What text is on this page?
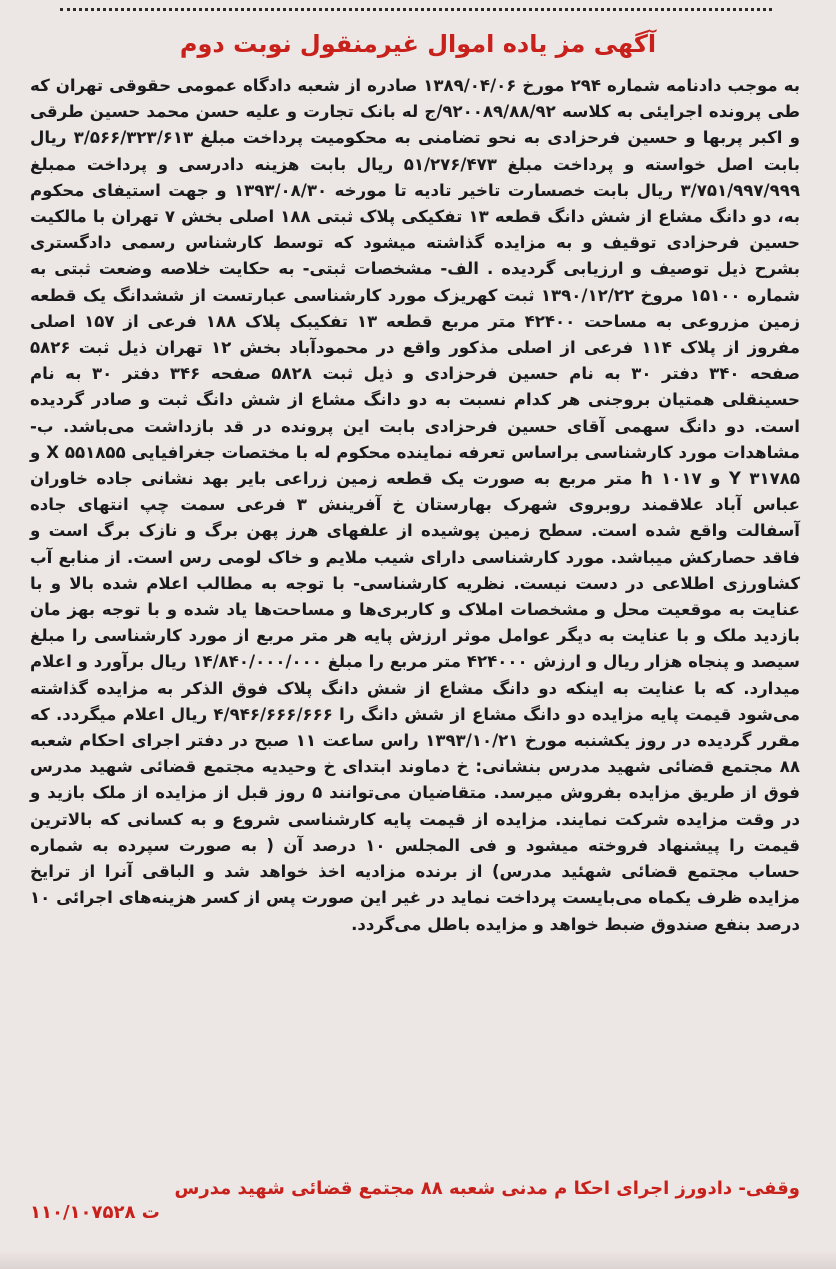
آگهی مز یاده اموال غیرمنقول نوبت دوم

به موجب دادنامه شماره ۲۹۴ مورخ ۱۳۸۹/۰۴/۰۶ صادره از شعبه دادگاه عمومی حقوقی تهران که طی پرونده اجرایئی به کلاسه ۹۲۰۰۸۹/۸۸/۹۲/ج له بانک تجارت و علیه حسن محمد حسین طرقی و اکبر پربها و حسین فرحزادی به نحو تضامنی به محکومیت پرداخت مبلغ ۳/۵۶۶/۳۲۳/۶۱۳ ریال بابت اصل خواسته و پرداخت مبلغ ۵۱/۲۷۶/۴۷۳ ریال بابت هزینه دادرسی و پرداخت ممبلغ ۳/۷۵۱/۹۹۷/۹۹۹ ریال بابت خصسارت تاخیر تادیه تا مورخه ۱۳۹۳/۰۸/۳۰ و جهت استیفای محکوم به، دو دانگ مشاع از شش دانگ قطعه ۱۳ تفکیکی پلاک ثبتی ۱۸۸ اصلی بخش ۷ تهران با مالکیت حسین فرحزادی توقیف و به مزایده گذاشته میشود که توسط کارشناس رسمی دادگستری بشرح ذیل توصیف و ارزیابی گردیده . الف- مشخصات ثبتی- به حکایت خلاصه وضعت ثبتی به شماره ۱۵۱۰۰ مروخ ۱۳۹۰/۱۲/۲۲ ثبت کهریزک مورد کارشناسی عبارتست از ششدانگ یک قطعه زمین مزروعی به مساحت ۴۲۴۰۰ متر مربع قطعه ۱۳ تفکیبک پلاک ۱۸۸ فرعی از ۱۵۷ اصلی مفروز از پلاک ۱۱۴ فرعی از اصلی مذکور واقع در محمودآباد بخش ۱۲ تهران ذیل ثبت ۵۸۲۶ صفحه ۳۴۰ دفتر ۳۰ به نام حسین فرحزادی و ذیل ثبت ۵۸۲۸ صفحه ۳۴۶ دفتر ۳۰ به نام حسینقلی همتیان بروجنی هر کدام نسبت به دو دانگ مشاع از شش دانگ ثبت و صادر گردیده است. دو دانگ سهمی آقای حسین فرحزادی بابت این پرونده در قد بازداشت می‌باشد. ب- مشاهدات مورد کارشناسی براساس تعرفه نماینده محکوم له با مختصات جغرافیایی X ۵۵۱۸۵۵ و Y ۳۱۷۸۵ و h ۱۰۱۷ متر مربع به صورت یک قطعه زمین زراعی بایر بهد نشانی جاده خاوران عباس آباد علاقمند روبروی شهرک بهارستان خ آفرینش ۳ فرعی سمت چپ انتهای جاده آسفالت واقع شده است. سطح زمین پوشیده از علفهای هرز پهن برگ و نازک برگ است و فاقد حصارکش میباشد. مورد کارشناسی دارای شیب ملایم و خاک لومی رس است. از منابع آب کشاورزی اطلاعی در دست نیست. نظریه کارشناسی- با توجه به مطالب اعلام شده بالا و با عنایت به موقعیت محل و مشخصات املاک و کاربری‌ها و مساحت‌ها یاد شده و با توجه بهز مان بازدید ملک و با عنایت به دیگر عوامل موثر ارزش پایه هر متر مربع از مورد کارشناسی را مبلغ سیصد و پنجاه هزار ریال و ارزش ۴۲۴۰۰۰ متر مربع را مبلغ ۱۴/۸۴۰/۰۰۰/۰۰۰ ریال برآورد و اعلام میدارد. که با عنایت به اینکه دو دانگ مشاع از شش دانگ پلاک فوق الذکر به مزایده گذاشته می‌شود قیمت پایه مزایده دو دانگ مشاع از شش دانگ را ۴/۹۴۶/۶۶۶/۶۶۶ ریال اعلام میگردد. که مقرر گردیده در روز یکشنبه مورخ ۱۳۹۳/۱۰/۲۱ راس ساعت ۱۱ صبح در دفتر اجرای احکام شعبه ۸۸ مجتمع قضائی شهید مدرس بنشانی: خ دماوند ابتدای خ وحیدیه مجتمع قضائی شهید مدرس فوق از طریق مزایده بفروش میرسد. متقاضیان می‌توانند ۵ روز قبل از مزایده از ملک بازید و در وقت مزایده شرکت نمایند. مزایده از قیمت پایه کارشناسی شروع و به کسانی که بالاترین قیمت را پیشنهاد فروخته میشود و فی المجلس ۱۰ درصد آن ( به صورت سپرده به شماره حساب مجتمع قضائی شهئید مدرس) از برنده مزادیه اخذ خواهد شد و الباقی آنرا از ترایخ مزایده ظرف یکماه می‌بایست پرداخت نماید در غیر این صورت پس از کسر هزینه‌های اجرائی ۱۰ درصد بنفع صندوق ضبط خواهد و مزایده باطل می‌گردد.

وقفی- دادورز اجرای احکا م مدنی شعبه ۸۸ مجتمع قضائی شهید مدرس
ت ۱۱۰/۱۰۷۵۲۸
